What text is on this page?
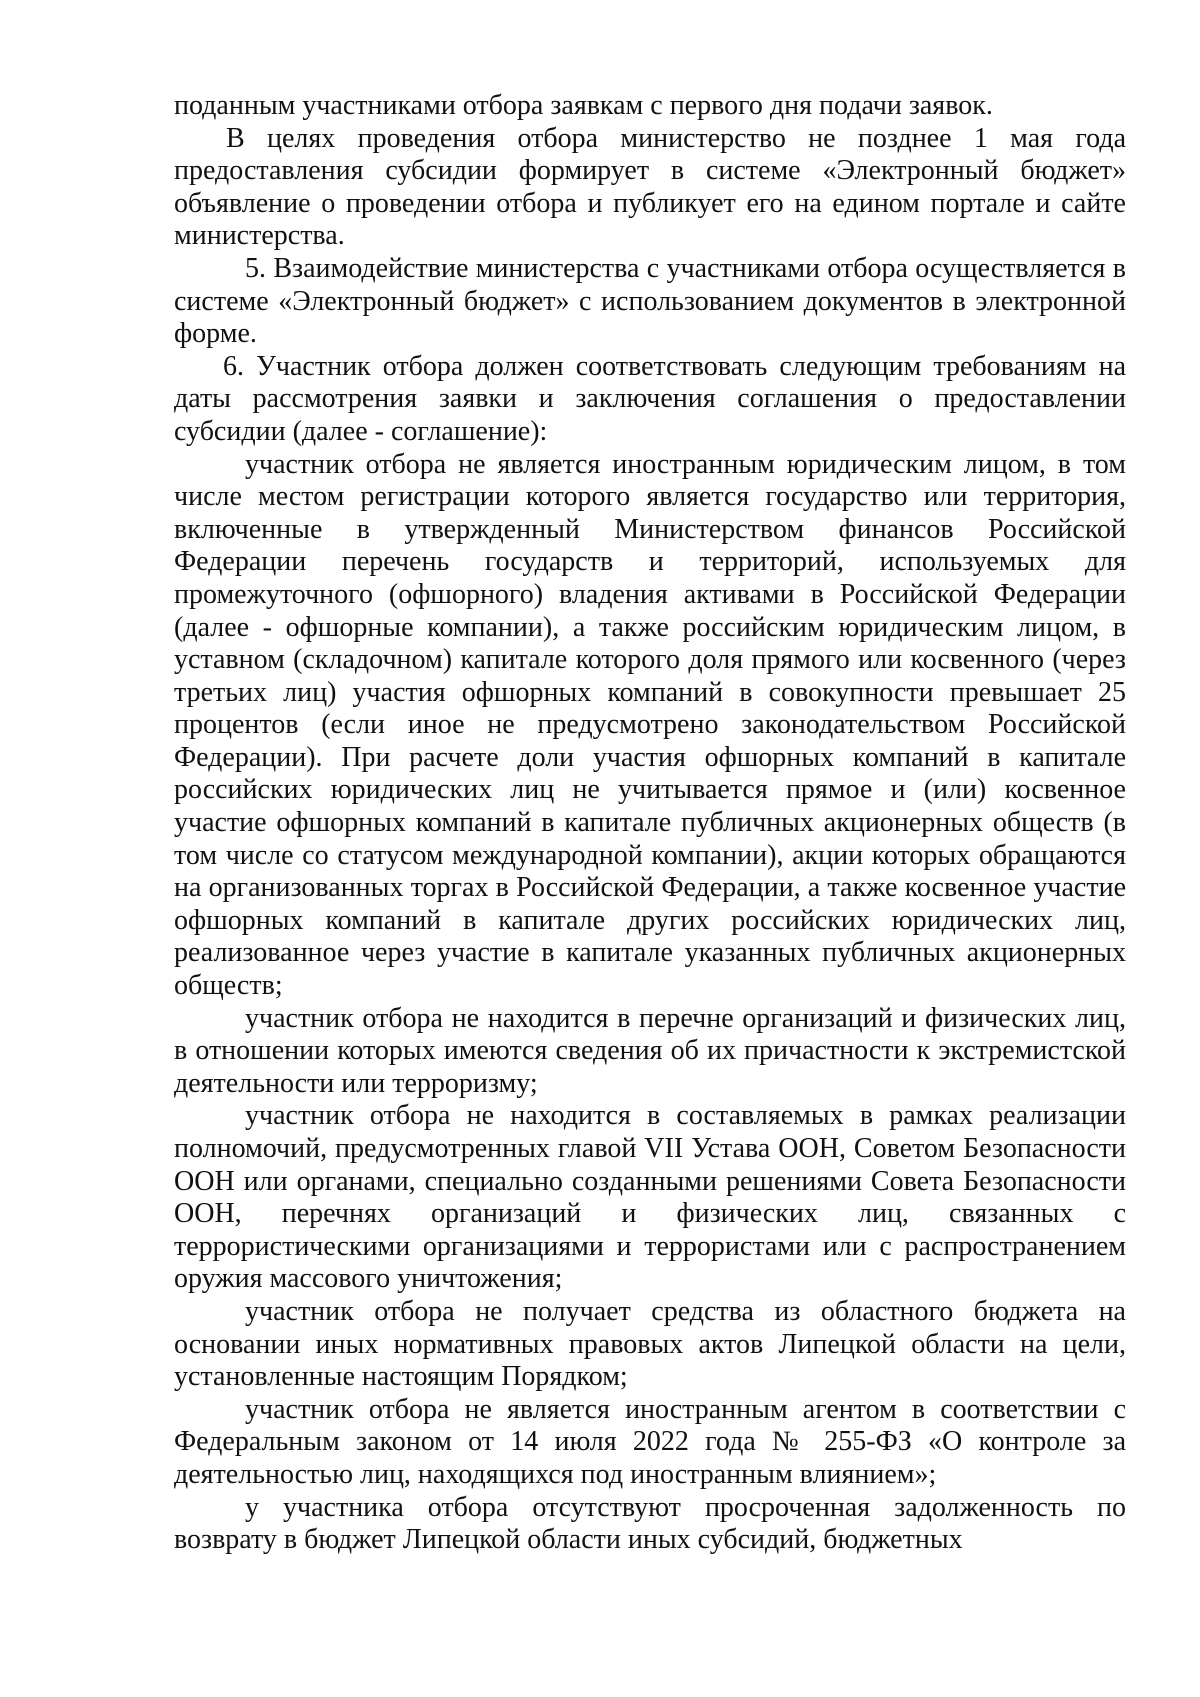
поданным участниками отбора заявкам с первого дня подачи заявок.

В целях проведения отбора министерство не позднее 1 мая года предоставления субсидии формирует в системе «Электронный бюджет» объявление о проведении отбора и публикует его на едином портале и сайте министерства.

5. Взаимодействие министерства с участниками отбора осуществляется в системе «Электронный бюджет» с использованием документов в электронной форме.

6. Участник отбора должен соответствовать следующим требованиям на даты рассмотрения заявки и заключения соглашения о предоставлении субсидии (далее - соглашение):

участник отбора не является иностранным юридическим лицом, в том числе местом регистрации которого является государство или территория, включенные в утвержденный Министерством финансов Российской Федерации перечень государств и территорий, используемых для промежуточного (офшорного) владения активами в Российской Федерации (далее - офшорные компании), а также российским юридическим лицом, в уставном (складочном) капитале которого доля прямого или косвенного (через третьих лиц) участия офшорных компаний в совокупности превышает 25 процентов (если иное не предусмотрено законодательством Российской Федерации). При расчете доли участия офшорных компаний в капитале российских юридических лиц не учитывается прямое и (или) косвенное участие офшорных компаний в капитале публичных акционерных обществ (в том числе со статусом международной компании), акции которых обращаются на организованных торгах в Российской Федерации, а также косвенное участие офшорных компаний в капитале других российских юридических лиц, реализованное через участие в капитале указанных публичных акционерных обществ;

участник отбора не находится в перечне организаций и физических лиц, в отношении которых имеются сведения об их причастности к экстремистской деятельности или терроризму;

участник отбора не находится в составляемых в рамках реализации полномочий, предусмотренных главой VII Устава ООН, Советом Безопасности ООН или органами, специально созданными решениями Совета Безопасности ООН, перечнях организаций и физических лиц, связанных с террористическими организациями и террористами или с распространением оружия массового уничтожения;

участник отбора не получает средства из областного бюджета на основании иных нормативных правовых актов Липецкой области на цели, установленные настоящим Порядком;

участник отбора не является иностранным агентом в соответствии с Федеральным законом от 14 июля 2022 года № 255-ФЗ «О контроле за деятельностью лиц, находящихся под иностранным влиянием»;

у участника отбора отсутствуют просроченная задолженность по возврату в бюджет Липецкой области иных субсидий, бюджетных
